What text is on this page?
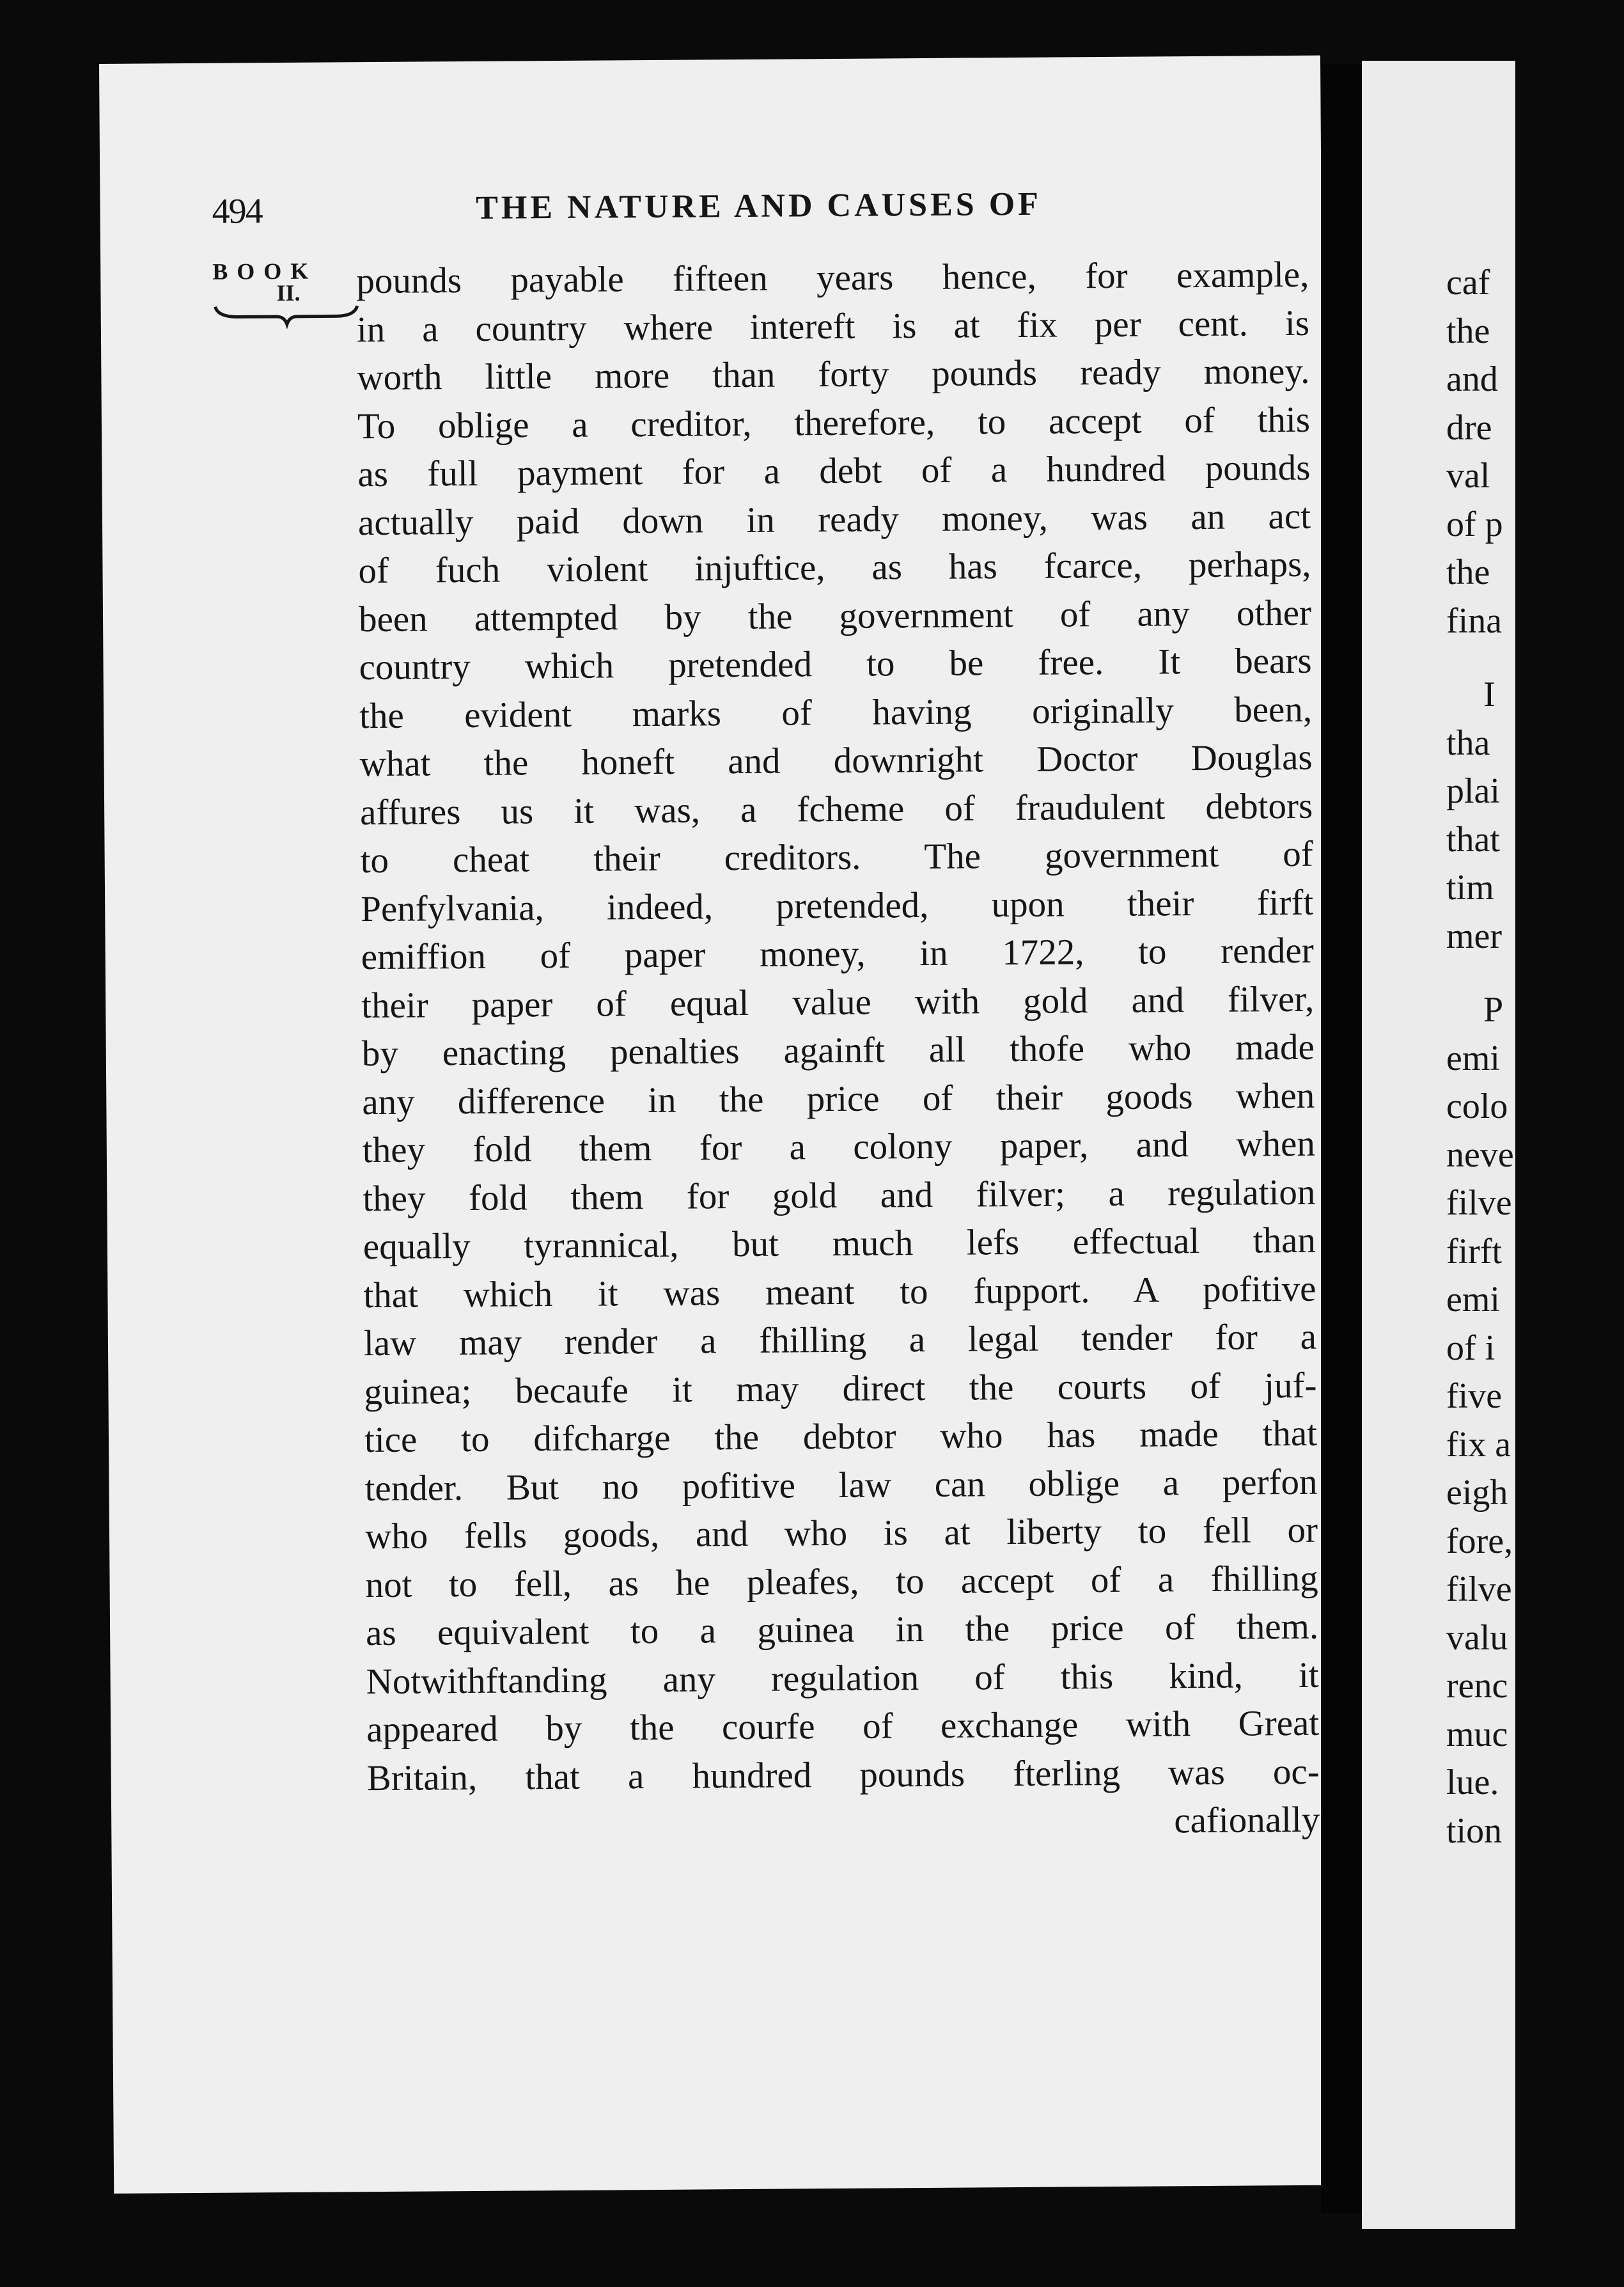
494	THE NATURE AND CAUSES OF
BOOK
II.	pounds payable fifteen years hence, for example,
in a country where intereft is at fix per cent. is
worth little more than forty pounds ready money.
To oblige a creditor, therefore, to accept of this
as full payment for a debt of a hundred pounds
actually paid down in ready money, was an act
of fuch violent injuftice, as has fcarce, perhaps,
been attempted by the government of any other
country which pretended to be free. It bears
the evident marks of having originally been,
what the honeft and downright Doctor Douglas
affures us it was, a fcheme of fraudulent debtors
to cheat their creditors. The government of
Penfylvania, indeed, pretended, upon their firft
emiffion of paper money, in 1722, to render
their paper of equal value with gold and filver,
by enacting penalties againft all thofe who made
any difference in the price of their goods when
they fold them for a colony paper, and when
they fold them for gold and filver; a regulation
equally tyrannical, but much lefs effectual than
that which it was meant to fupport. A pofitive
law may render a fhilling a legal tender for a
guinea; becaufe it may direct the courts of juf-
tice to difcharge the debtor who has made that
tender. But no pofitive law can oblige a perfon
who fells goods, and who is at liberty to fell or
not to fell, as he pleafes, to accept of a fhilling
as equivalent to a guinea in the price of them.
Notwithftanding any regulation of this kind, it
appeared by the courfe of exchange with Great
Britain, that a hundred pounds fterling was oc-
cafionally
caf
the
and
dre
val
of p
the
fina
I
tha
plai
that
tim
mer
P
emi
colo
neve
filve
firft
emi
of i
five
fix a
eigh
fore,
filve
valu
renc
muc
lue.
tion
